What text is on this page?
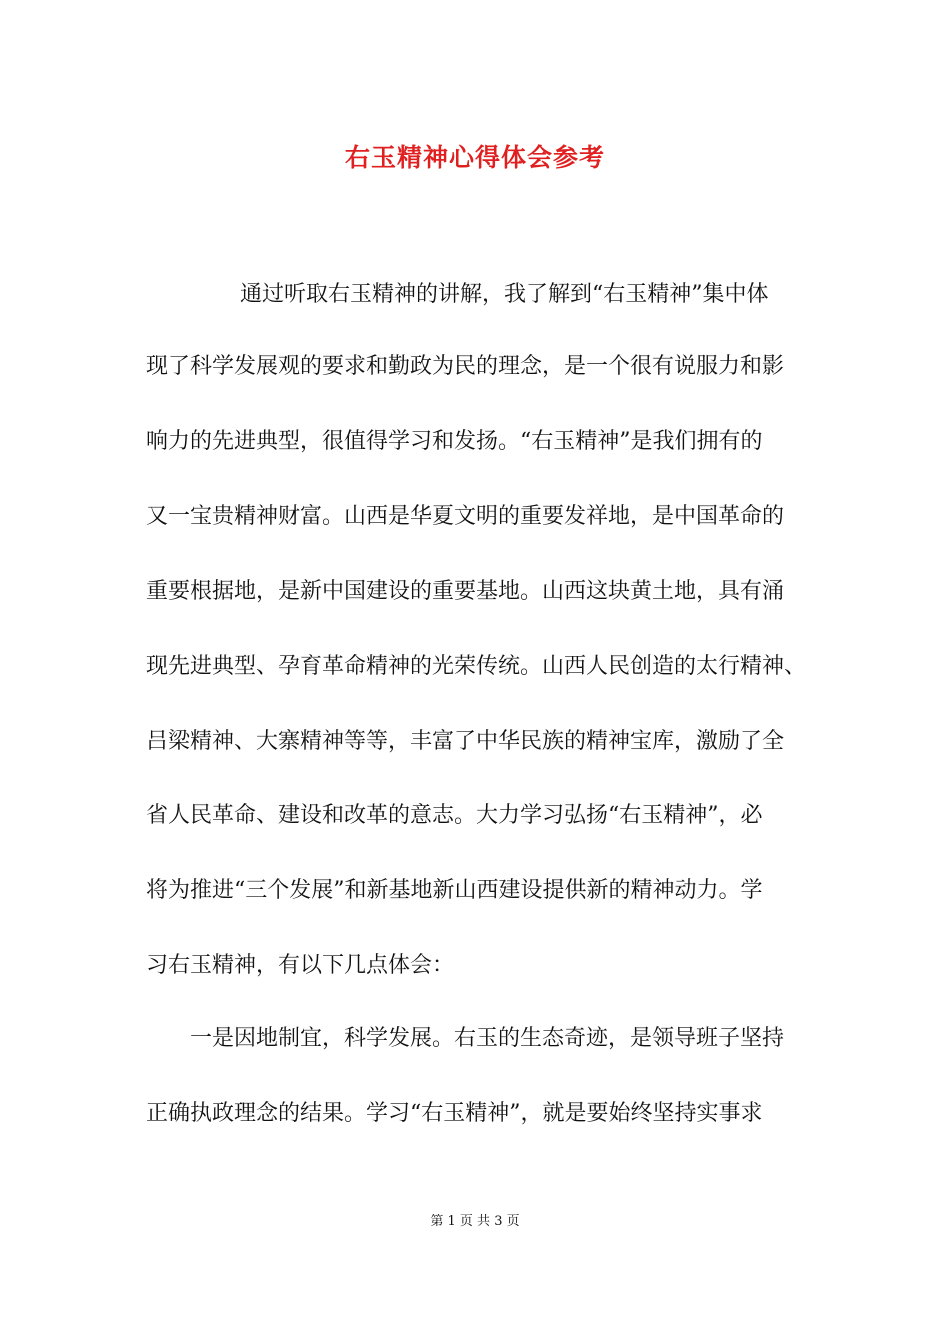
右玉精神心得体会参考
通过听取右玉精神的讲解，我了解到“右玉精神”集中体
现了科学发展观的要求和勤政为民的理念，是一个很有说服力和影
响力的先进典型，很值得学习和发扬。“右玉精神”是我们拥有的
又一宝贵精神财富。山西是华夏文明的重要发祥地，是中国革命的
重要根据地，是新中国建设的重要基地。山西这块黄土地，具有涌
现先进典型、孕育革命精神的光荣传统。山西人民创造的太行精神、
吕梁精神、大寨精神等等，丰富了中华民族的精神宝库，激励了全
省人民革命、建设和改革的意志。大力学习弘扬“右玉精神”，必
将为推进“三个发展”和新基地新山西建设提供新的精神动力。学
习右玉精神，有以下几点体会：
一是因地制宜，科学发展。右玉的生态奇迹，是领导班子坚持
正确执政理念的结果。学习“右玉精神”，就是要始终坚持实事求
第 1 页 共 3 页
